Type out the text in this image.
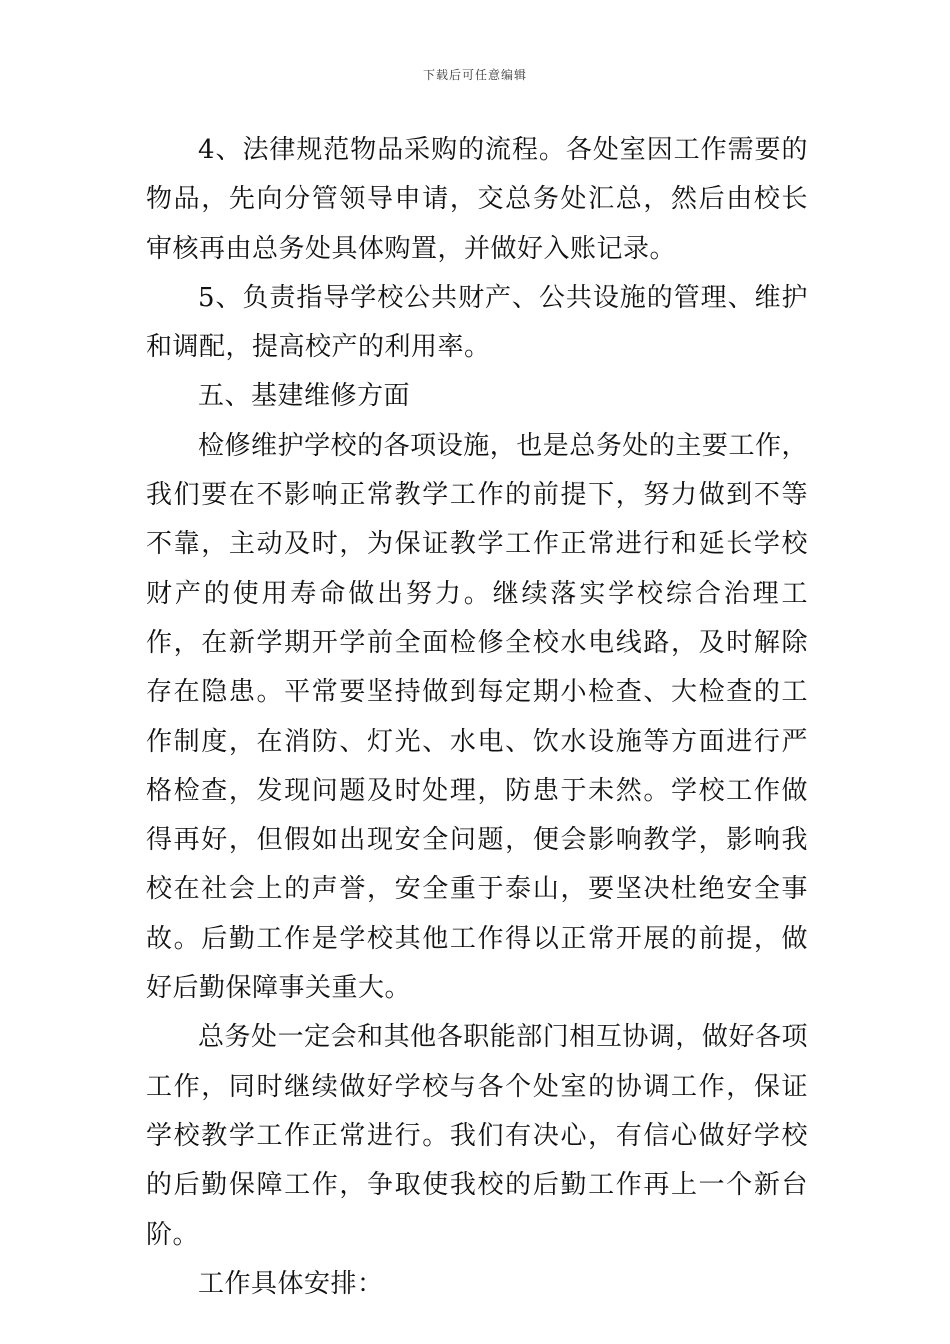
下载后可任意编辑

4、法律规范物品采购的流程。各处室因工作需要的物品，先向分管领导申请，交总务处汇总，然后由校长审核再由总务处具体购置，并做好入账记录。

5、负责指导学校公共财产、公共设施的管理、维护和调配，提高校产的利用率。

五、基建维修方面

检修维护学校的各项设施，也是总务处的主要工作，我们要在不影响正常教学工作的前提下，努力做到不等不靠，主动及时，为保证教学工作正常进行和延长学校财产的使用寿命做出努力。继续落实学校综合治理工作，在新学期开学前全面检修全校水电线路，及时解除存在隐患。平常要坚持做到每定期小检查、大检查的工作制度，在消防、灯光、水电、饮水设施等方面进行严格检查，发现问题及时处理，防患于未然。学校工作做得再好，但假如出现安全问题，便会影响教学，影响我校在社会上的声誉，安全重于泰山，要坚决杜绝安全事故。后勤工作是学校其他工作得以正常开展的前提，做好后勤保障事关重大。

总务处一定会和其他各职能部门相互协调，做好各项工作，同时继续做好学校与各个处室的协调工作，保证学校教学工作正常进行。我们有决心，有信心做好学校的后勤保障工作，争取使我校的后勤工作再上一个新台阶。

工作具体安排：
